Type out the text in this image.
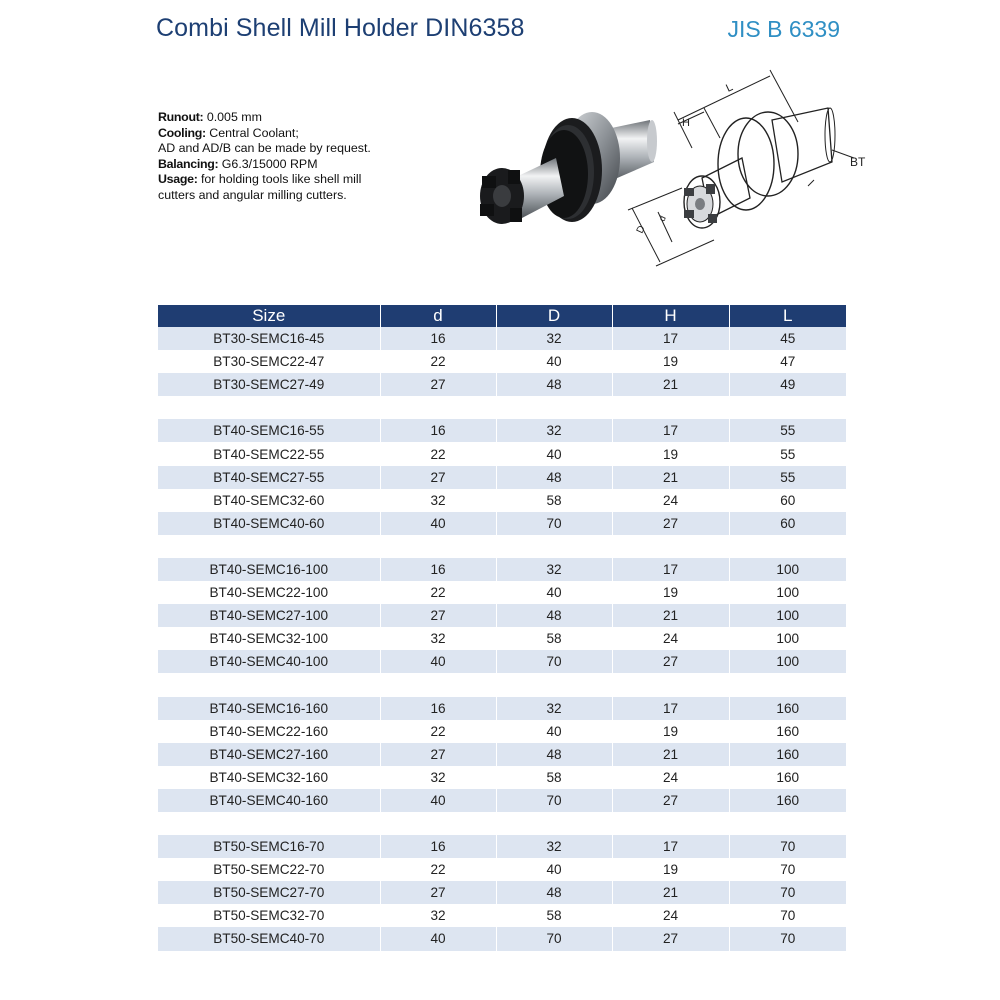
Combi Shell Mill Holder DIN6358	JIS B 6339
Runout: 0.005 mm
Cooling: Central Coolant;
AD and AD/B can be made by request.
Balancing: G6.3/15000 RPM
Usage: for holding tools like shell mill
cutters and angular milling cutters.
H
L
D
d
BT
Size	d	D	H	L
BT30-SEMC16-45	16	32	17	45
BT30-SEMC22-47	22	40	19	47
BT30-SEMC27-49	27	48	21	49

BT40-SEMC16-55	16	32	17	55
BT40-SEMC22-55	22	40	19	55
BT40-SEMC27-55	27	48	21	55
BT40-SEMC32-60	32	58	24	60
BT40-SEMC40-60	40	70	27	60

BT40-SEMC16-100	16	32	17	100
BT40-SEMC22-100	22	40	19	100
BT40-SEMC27-100	27	48	21	100
BT40-SEMC32-100	32	58	24	100
BT40-SEMC40-100	40	70	27	100

BT40-SEMC16-160	16	32	17	160
BT40-SEMC22-160	22	40	19	160
BT40-SEMC27-160	27	48	21	160
BT40-SEMC32-160	32	58	24	160
BT40-SEMC40-160	40	70	27	160

BT50-SEMC16-70	16	32	17	70
BT50-SEMC22-70	22	40	19	70
BT50-SEMC27-70	27	48	21	70
BT50-SEMC32-70	32	58	24	70
BT50-SEMC40-70	40	70	27	70
